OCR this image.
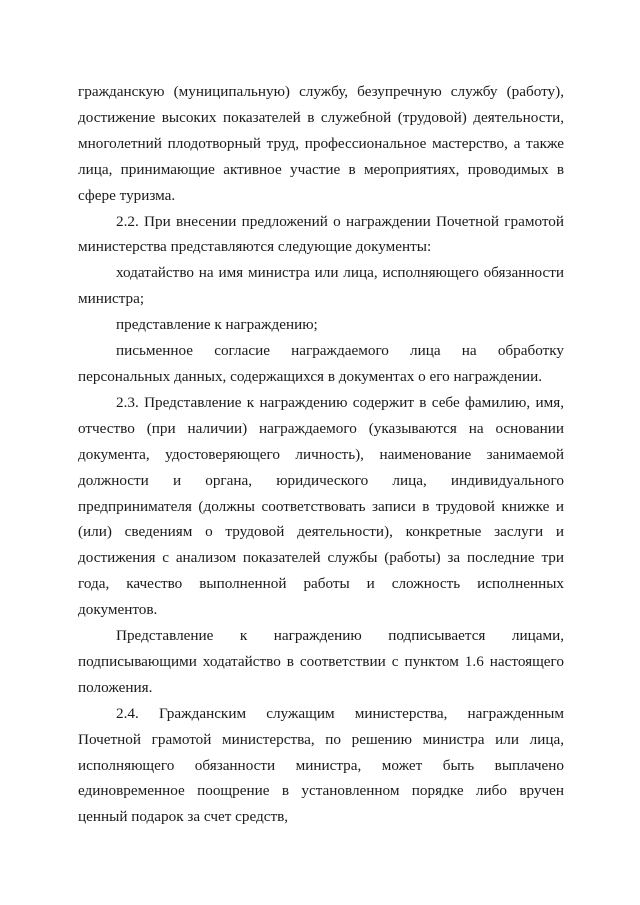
гражданскую (муниципальную) службу, безупречную службу (работу), достижение высоких показателей в служебной (трудовой) деятельности, многолетний плодотворный труд, профессиональное мастерство, а также лица, принимающие активное участие в мероприятиях, проводимых в сфере туризма.

2.2. При внесении предложений о награждении Почетной грамотой министерства представляются следующие документы:

ходатайство на имя министра или лица, исполняющего обязанности министра;

представление к награждению;

письменное согласие награждаемого лица на обработку персональных данных, содержащихся в документах о его награждении.

2.3. Представление к награждению содержит в себе фамилию, имя, отчество (при наличии) награждаемого (указываются на основании документа, удостоверяющего личность), наименование занимаемой должности и органа, юридического лица, индивидуального предпринимателя (должны соответствовать записи в трудовой книжке и (или) сведениям о трудовой деятельности), конкретные заслуги и достижения с анализом показателей службы (работы) за последние три года, качество выполненной работы и сложность исполненных документов.

Представление к награждению подписывается лицами, подписывающими ходатайство в соответствии с пунктом 1.6 настоящего положения.

2.4. Гражданским служащим министерства, награжденным Почетной грамотой министерства, по решению министра или лица, исполняющего обязанности министра, может быть выплачено единовременное поощрение в установленном порядке либо вручен ценный подарок за счет средств,
